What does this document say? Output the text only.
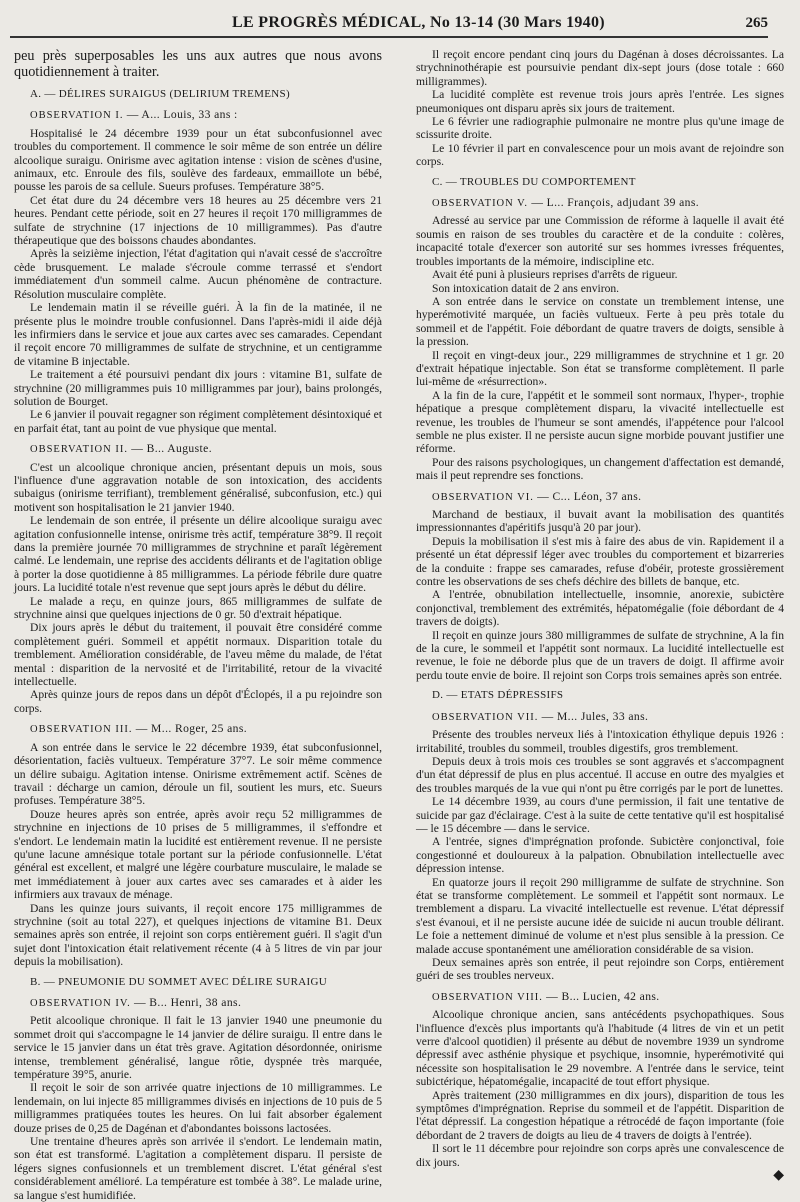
LE PROGRÈS MÉDICAL, No 13-14 (30 Mars 1940)	265

peu près superposables les uns aux autres que nous avons quotidiennement à traiter.

A. — DÉLIRES SURAIGUS (DELIRIUM TREMENS)

OBSERVATION I. — A... Louis, 33 ans :

Hospitalisé le 24 décembre 1939 pour un état subconfusionnel avec troubles du comportement. Il commence le soir même de son entrée un délire alcoolique suraigu. Onirisme avec agitation intense : vision de scènes d'usine, animaux, etc. Enroule des fils, soulève des fardeaux, emmaillote un bébé, pousse les parois de sa cellule. Sueurs profuses. Température 38°5.

Cet état dure du 24 décembre vers 18 heures au 25 décembre vers 21 heures. Pendant cette période, soit en 27 heures il reçoit 170 milligrammes de sulfate de strychnine (17 injections de 10 milligrammes). Pas d'autre thérapeutique que des boissons chaudes abondantes.

Après la seizième injection, l'état d'agitation qui n'avait cessé de s'accroître cède brusquement. Le malade s'écroule comme terrassé et s'endort immédiatement d'un sommeil calme. Aucun phénomène de contracture. Résolution musculaire complète.

Le lendemain matin il se réveille guéri. À la fin de la matinée, il ne présente plus le moindre trouble confusionnel. Dans l'après-midi il aide déjà les infirmiers dans le service et joue aux cartes avec ses camarades. Cependant il reçoit encore 70 milligrammes de sulfate de strychnine, et un centigramme de vitamine B injectable.

Le traitement a été poursuivi pendant dix jours : vitamine B1, sulfate de strychnine (20 milligrammes puis 10 milligrammes par jour), bains prolongés, solution de Bourget.

Le 6 janvier il pouvait regagner son régiment complètement désintoxiqué et en parfait état, tant au point de vue physique que mental.

OBSERVATION II. — B... Auguste.

C'est un alcoolique chronique ancien, présentant depuis un mois, sous l'influence d'une aggravation notable de son intoxication, des accidents subaigus (onirisme terrifiant), tremblement généralisé, subconfusion, etc.) qui motivent son hospitalisation le 21 janvier 1940.

Le lendemain de son entrée, il présente un délire alcoolique suraigu avec agitation confusionnelle intense, onirisme très actif, température 38°9. Il reçoit dans la première journée 70 milligrammes de strychnine et paraît légèrement calmé. Le lendemain, une reprise des accidents délirants et de l'agitation oblige à porter la dose quotidienne à 85 milligrammes. La période fébrile dure quatre jours. La lucidité totale n'est revenue que sept jours après le début du délire.

Le malade a reçu, en quinze jours, 865 milligrammes de sulfate de strychnine ainsi que quelques injections de 0 gr. 50 d'extrait hépatique.

Dix jours après le début du traitement, il pouvait être considéré comme complètement guéri. Sommeil et appétit normaux. Disparition totale du tremblement. Amélioration considérable, de l'aveu même du malade, de l'état mental : disparition de la nervosité et de l'irritabilité, retour de la vivacité intellectuelle.

Après quinze jours de repos dans un dépôt d'Éclopés, il a pu rejoindre son corps.

OBSERVATION III. — M... Roger, 25 ans.

A son entrée dans le service le 22 décembre 1939, état subconfusionnel, désorientation, faciès vultueux. Température 37°7. Le soir même commence un délire subaigu. Agitation intense. Onirisme extrêmement actif. Scènes de travail : décharge un camion, déroule un fil, soutient les murs, etc. Sueurs profuses. Température 38°5.

Douze heures après son entrée, après avoir reçu 52 milligrammes de strychnine en injections de 10 prises de 5 milligrammes, il s'effondre et s'endort. Le lendemain matin la lucidité est entièrement revenue. Il ne persiste qu'une lacune amnésique totale portant sur la période confusionnelle. L'état général est excellent, et malgré une légère courbature musculaire, le malade se met immédiatement à jouer aux cartes avec ses camarades et à aider les infirmiers aux travaux de ménage.

Dans les quinze jours suivants, il reçoit encore 175 milligrammes de strychnine (soit au total 227), et quelques injections de vitamine B1. Deux semaines après son entrée, il rejoint son corps entièrement guéri. Il s'agit d'un sujet dont l'intoxication était relativement récente (4 à 5 litres de vin par jour depuis la mobilisation).

B. — PNEUMONIE DU SOMMET AVEC DÉLIRE SURAIGU

OBSERVATION IV. — B... Henri, 38 ans.

Petit alcoolique chronique. Il fait le 13 janvier 1940 une pneumonie du sommet droit qui s'accompagne le 14 janvier de délire suraigu. Il entre dans le service le 15 janvier dans un état très grave. Agitation désordonnée, onirisme intense, tremblement généralisé, langue rôtie, dyspnée très marquée, température 39°5, anurie.

Il reçoit le soir de son arrivée quatre injections de 10 milligrammes. Le lendemain, on lui injecte 85 milligrammes divisés en injections de 10 puis de 5 milligrammes pratiquées toutes les heures. On lui fait absorber également douze prises de 0,25 de Dagénan et d'abondantes boissons lactosées.

Une trentaine d'heures après son arrivée il s'endort. Le lendemain matin, son état est transformé. L'agitation a complètement disparu. Il persiste de légers signes confusionnels et un tremblement discret. L'état général s'est considérablement amélioré. La température est tombée à 38°. Le malade urine, sa langue s'est humidifiée.

Il reçoit encore pendant cinq jours du Dagénan à doses décroissantes. La strychninothérapie est poursuivie pendant dix-sept jours (dose totale : 660 milligrammes).

La lucidité complète est revenue trois jours après l'entrée. Les signes pneumoniques ont disparu après six jours de traitement.

Le 6 février une radiographie pulmonaire ne montre plus qu'une image de scissurite droite.

Le 10 février il part en convalescence pour un mois avant de rejoindre son corps.

C. — TROUBLES DU COMPORTEMENT

OBSERVATION V. — L... François, adjudant 39 ans.

Adressé au service par une Commission de réforme à laquelle il avait été soumis en raison de ses troubles du caractère et de la conduite : colères, incapacité totale d'exercer son autorité sur ses hommes ivresses fréquentes, troubles importants de la mémoire, indiscipline etc.

Avait été puni à plusieurs reprises d'arrêts de rigueur.

Son intoxication datait de 2 ans environ.

A son entrée dans le service on constate un tremblement intense, une hyperémotivité marquée, un faciès vultueux. Ferte à peu près totale du sommeil et de l'appétit. Foie débordant de quatre travers de doigts, sensible à la pression.

Il reçoit en vingt-deux jour., 229 milligrammes de strychnine et 1 gr. 20 d'extrait hépatique injectable. Son état se transforme complètement. Il parle lui-même de «résurrection».

A la fin de la cure, l'appétit et le sommeil sont normaux, l'hyper-, trophie hépatique a presque complètement disparu, la vivacité intellectuelle est revenue, les troubles de l'humeur se sont amendés, il'appétence pour l'alcool semble ne plus exister. Il ne persiste aucun signe morbide pouvant justifier une réforme.

Pour des raisons psychologiques, un changement d'affectation est demandé, mais il peut reprendre ses fonctions.

OBSERVATION VI. — C... Léon, 37 ans.

Marchand de bestiaux, il buvait avant la mobilisation des quantités impressionnantes d'apéritifs jusqu'à 20 par jour).

Depuis la mobilisation il s'est mis à faire des abus de vin. Rapidement il a présenté un état dépressif léger avec troubles du comportement et bizarreries de la conduite : frappe ses camarades, refuse d'obéir, proteste grossièrement contre les observations de ses chefs déchire des billets de banque, etc.

A l'entrée, obnubilation intellectuelle, insomnie, anorexie, subictère conjonctival, tremblement des extrémités, hépatomégalie (foie débordant de 4 travers de doigts).

Il reçoit en quinze jours 380 milligrammes de sulfate de strychnine, A la fin de la cure, le sommeil et l'appétit sont normaux. La lucidité intellectuelle est revenue, le foie ne déborde plus que de un travers de doigt. Il affirme avoir perdu toute envie de boire. Il rejoint son Corps trois semaines après son entrée.

D. — ETATS DÉPRESSIFS

OBSERVATION VII. — M... Jules, 33 ans.

Présente des troubles nerveux liés à l'intoxication éthylique depuis 1926 : irritabilité, troubles du sommeil, troubles digestifs, gros tremblement.

Depuis deux à trois mois ces troubles se sont aggravés et s'accompagnent d'un état dépressif de plus en plus accentué. Il accuse en outre des myalgies et des troubles marqués de la vue qui n'ont pu être corrigés par le port de lunettes.

Le 14 décembre 1939, au cours d'une permission, il fait une tentative de suicide par gaz d'éclairage. C'est à la suite de cette tentative qu'il est hospitalisé — le 15 décembre — dans le service.

A l'entrée, signes d'imprégnation profonde. Subictère conjonctival, foie congestionné et douloureux à la palpation. Obnubilation intellectuelle avec dépression intense.

En quatorze jours il reçoit 290 milligramme de sulfate de strychnine. Son état se transforme complètement. Le sommeil et l'appétit sont normaux. Le tremblement a disparu. La vivacité intellectuelle est revenue. L'état dépressif s'est évanoui, et il ne persiste aucune idée de suicide ni aucun trouble délirant. Le foie a nettement diminué de volume et n'est plus sensible à la pression. Ce malade accuse spontanément une amélioration considérable de sa vision.

Deux semaines après son entrée, il peut rejoindre son Corps, entièrement guéri de ses troubles nerveux.

OBSERVATION VIII. — B... Lucien, 42 ans.

Alcoolique chronique ancien, sans antécédents psychopathiques. Sous l'influence d'excès plus importants qu'à l'habitude (4 litres de vin et un petit verre d'alcool quotidien) il présente au début de novembre 1939 un syndrome dépressif avec asthénie physique et psychique, insomnie, hyperémotivité qui nécessite son hospitalisation le 29 novembre. A l'entrée dans le service, teint subictérique, hépatomégalie, incapacité de tout effort physique.

Après traitement (230 milligrammes en dix jours), disparition de tous les symptômes d'imprégnation. Reprise du sommeil et de l'appétit. Disparition de l'état dépressif. La congestion hépatique a rétrocédé de façon importante (foie débordant de 2 travers de doigts au lieu de 4 travers de doigts à l'entrée).

Il sort le 11 décembre pour rejoindre son corps après une convalescence de dix jours.

◆
